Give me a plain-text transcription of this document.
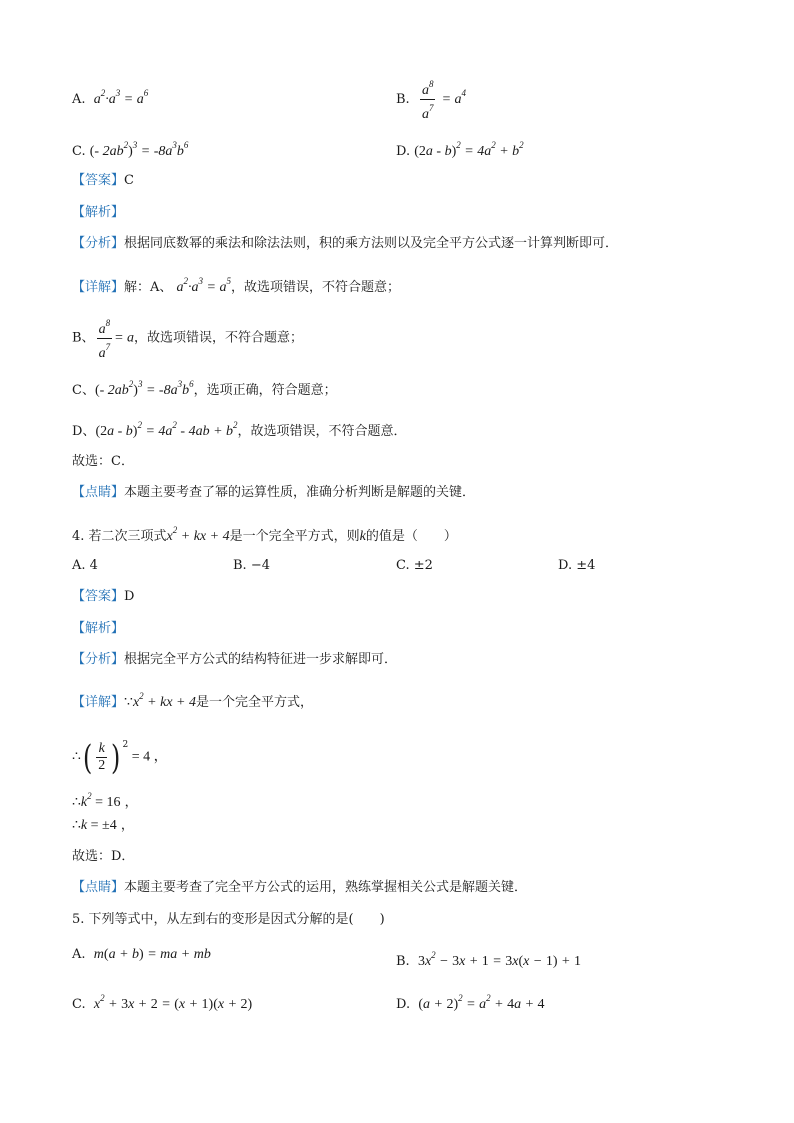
A. $a^2\cdot a^3 = a^6$	B. $\frac{a^8}{a^7} = a^4$
C. (- $2ab^2)^3 = -8a^3b^6$	D. $(2a - b)^2 = 4a^2 + b^2$
【答案】C
【解析】
【分析】根据同底数幂的乘法和除法法则，积的乘方法则以及完全平方公式逐一计算判断即可．
【详解】解：A、 $a^2\cdot a^3 = a^5$，故选项错误，不符合题意；
B、 $\frac{a^8}{a^7} = a$，故选项错误，不符合题意；
C、(- $2ab^2)^3 = -8a^3b^6$，选项正确，符合题意；
D、$(2a - b)^2 = 4a^2 - 4ab + b^2$，故选项错误，不符合题意．
故选：C．
【点睛】本题主要考查了幂的运算性质，准确分析判断是解题的关键．
4. 若二次三项式$x^2$ + kx + 4是一个完全平方式，则k的值是（　　）
A. 4	B. −4	C. ±2	D. ±4
【答案】D
【解析】
【分析】根据完全平方公式的结构特征进一步求解即可．
【详解】$\because x^2$ + kx + 4是一个完全平方式，
∴( $\frac{k}{2}$ ) $^2$ = 4 ，
$\therefore k^2 = 16$ ，
∴k = ±4 ，
故选：D．
【点睛】本题主要考查了完全平方公式的运用，熟练掌握相关公式是解题关键．
5. 下列等式中，从左到右的变形是因式分解的是(　　)
A. m(a + b) = ma + mb	B. $3x^2 - 3x + 1 = 3x(x - 1) + 1$
C. $x^2 + 3x + 2 = (x + 1)(x + 2)$	D. $(a + 2)^2 = a^2 + 4a + 4$
